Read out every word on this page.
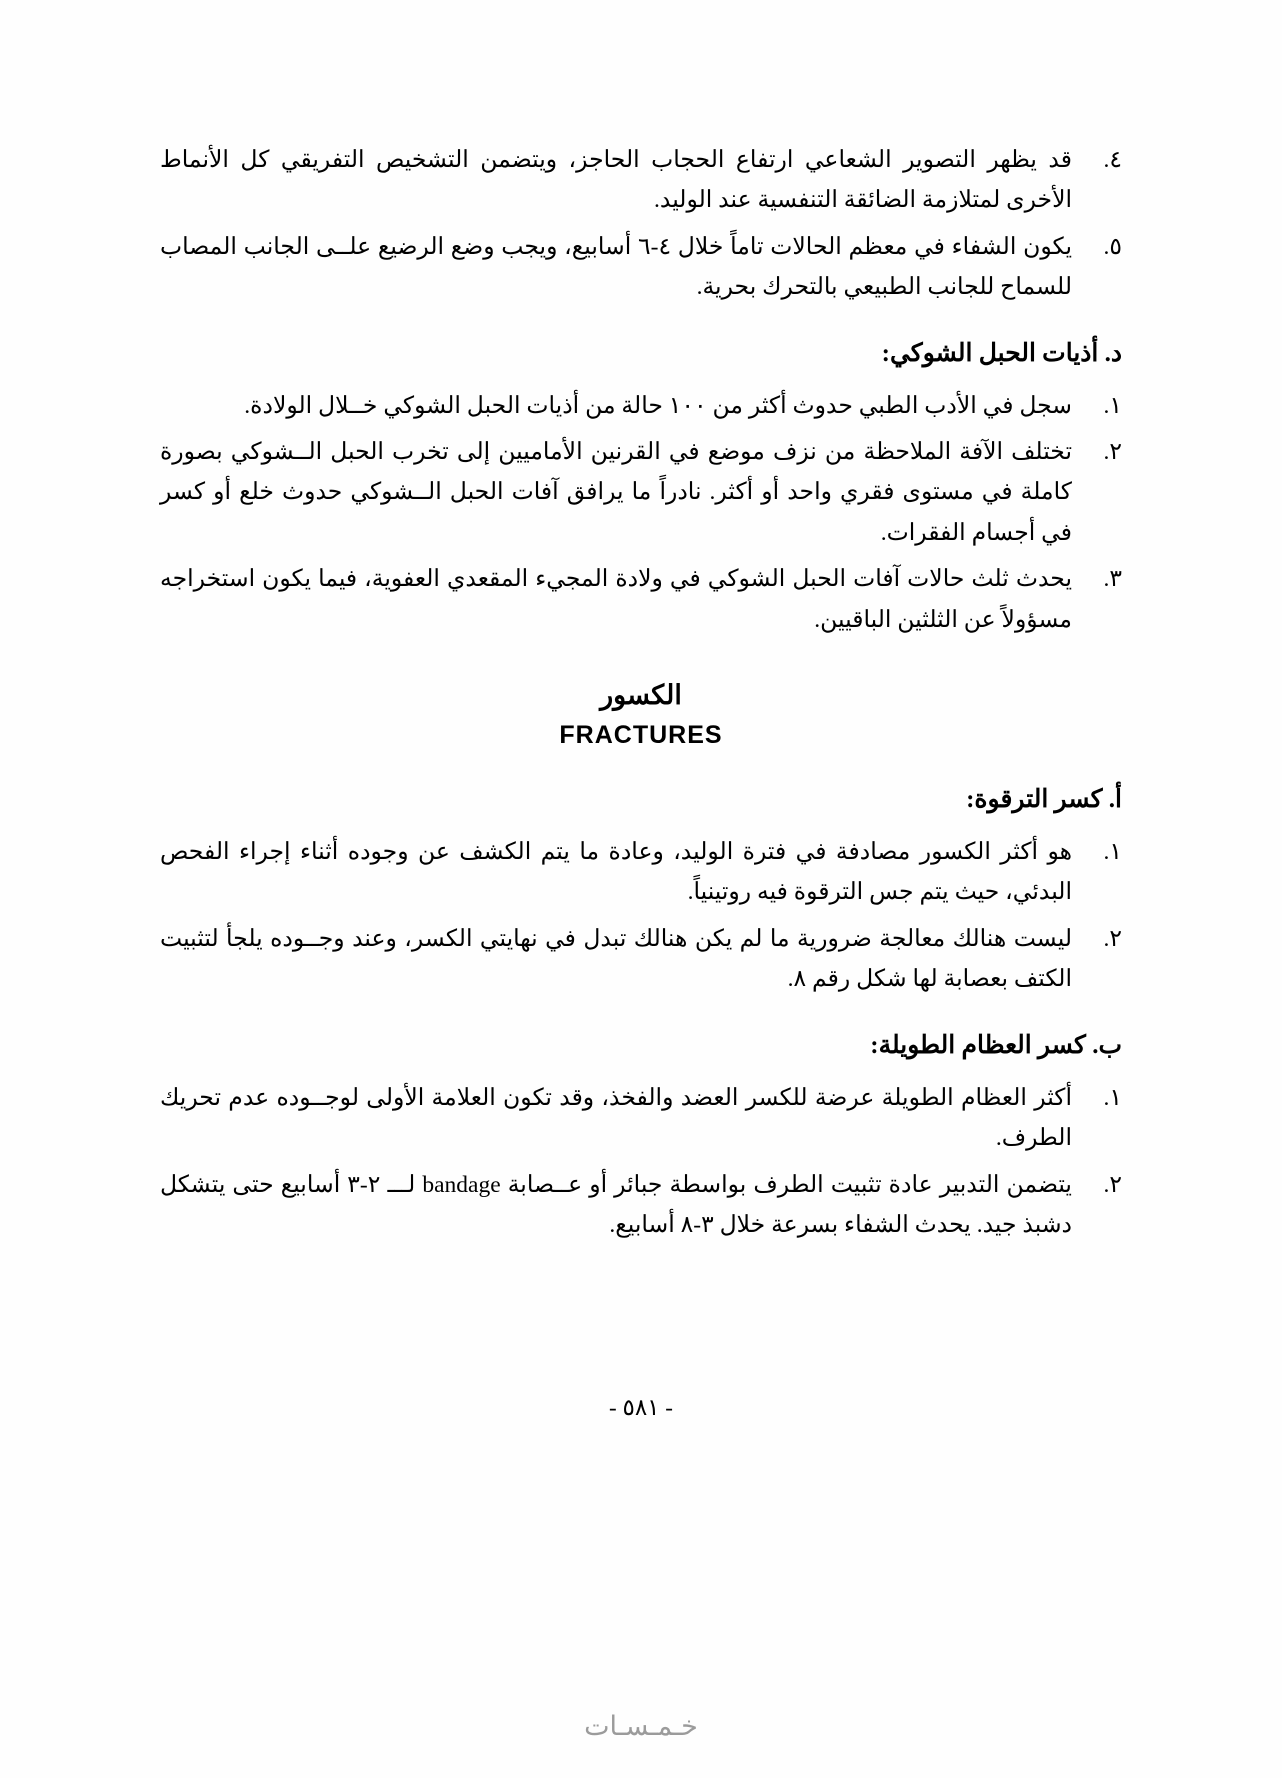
٤.
قد يظهر التصوير الشعاعي ارتفاع الحجاب الحاجز، ويتضمن التشخيص التفريقي كل الأنماط الأخرى لمتلازمة الضائقة التنفسية عند الوليد.
٥.
يكون الشفاء في معظم الحالات تاماً خلال ٤-٦ أسابيع، ويجب وضع الرضيع علــى الجانب المصاب للسماح للجانب الطبيعي بالتحرك بحرية.
د. أذيات الحبل الشوكي:
١.
سجل في الأدب الطبي حدوث أكثر من ١٠٠ حالة من أذيات الحبل الشوكي خــلال الولادة.
٢.
تختلف الآفة الملاحظة من نزف موضع في القرنين الأماميين إلى تخرب الحبل الــشوكي بصورة كاملة في مستوى فقري واحد أو أكثر. نادراً ما يرافق آفات الحبل الــشوكي حدوث خلع أو كسر في أجسام الفقرات.
٣.
يحدث ثلث حالات آفات الحبل الشوكي في ولادة المجيء المقعدي العفوية، فيما يكون استخراجه مسؤولاً عن الثلثين الباقيين.
الكسور
FRACTURES
أ. كسر الترقوة:
١.
هو أكثر الكسور مصادفة في فترة الوليد، وعادة ما يتم الكشف عن وجوده أثناء إجراء الفحص البدئي، حيث يتم جس الترقوة فيه روتينياً.
٢.
ليست هنالك معالجة ضرورية ما لم يكن هنالك تبدل في نهايتي الكسر، وعند وجــوده يلجأ لتثبيت الكتف بعصابة لها شكل رقم ٨.
ب. كسر العظام الطويلة:
١.
أكثر العظام الطويلة عرضة للكسر العضد والفخذ، وقد تكون العلامة الأولى لوجــوده عدم تحريك الطرف.
٢.
يتضمن التدبير عادة تثبيت الطرف بواسطة جبائر أو عــصابة bandage لـــ ٢-٣ أسابيع حتى يتشكل دشبذ جيد. يحدث الشفاء بسرعة خلال ٣-٨ أسابيع.
- ٥٨١ -
خـمـسـات
